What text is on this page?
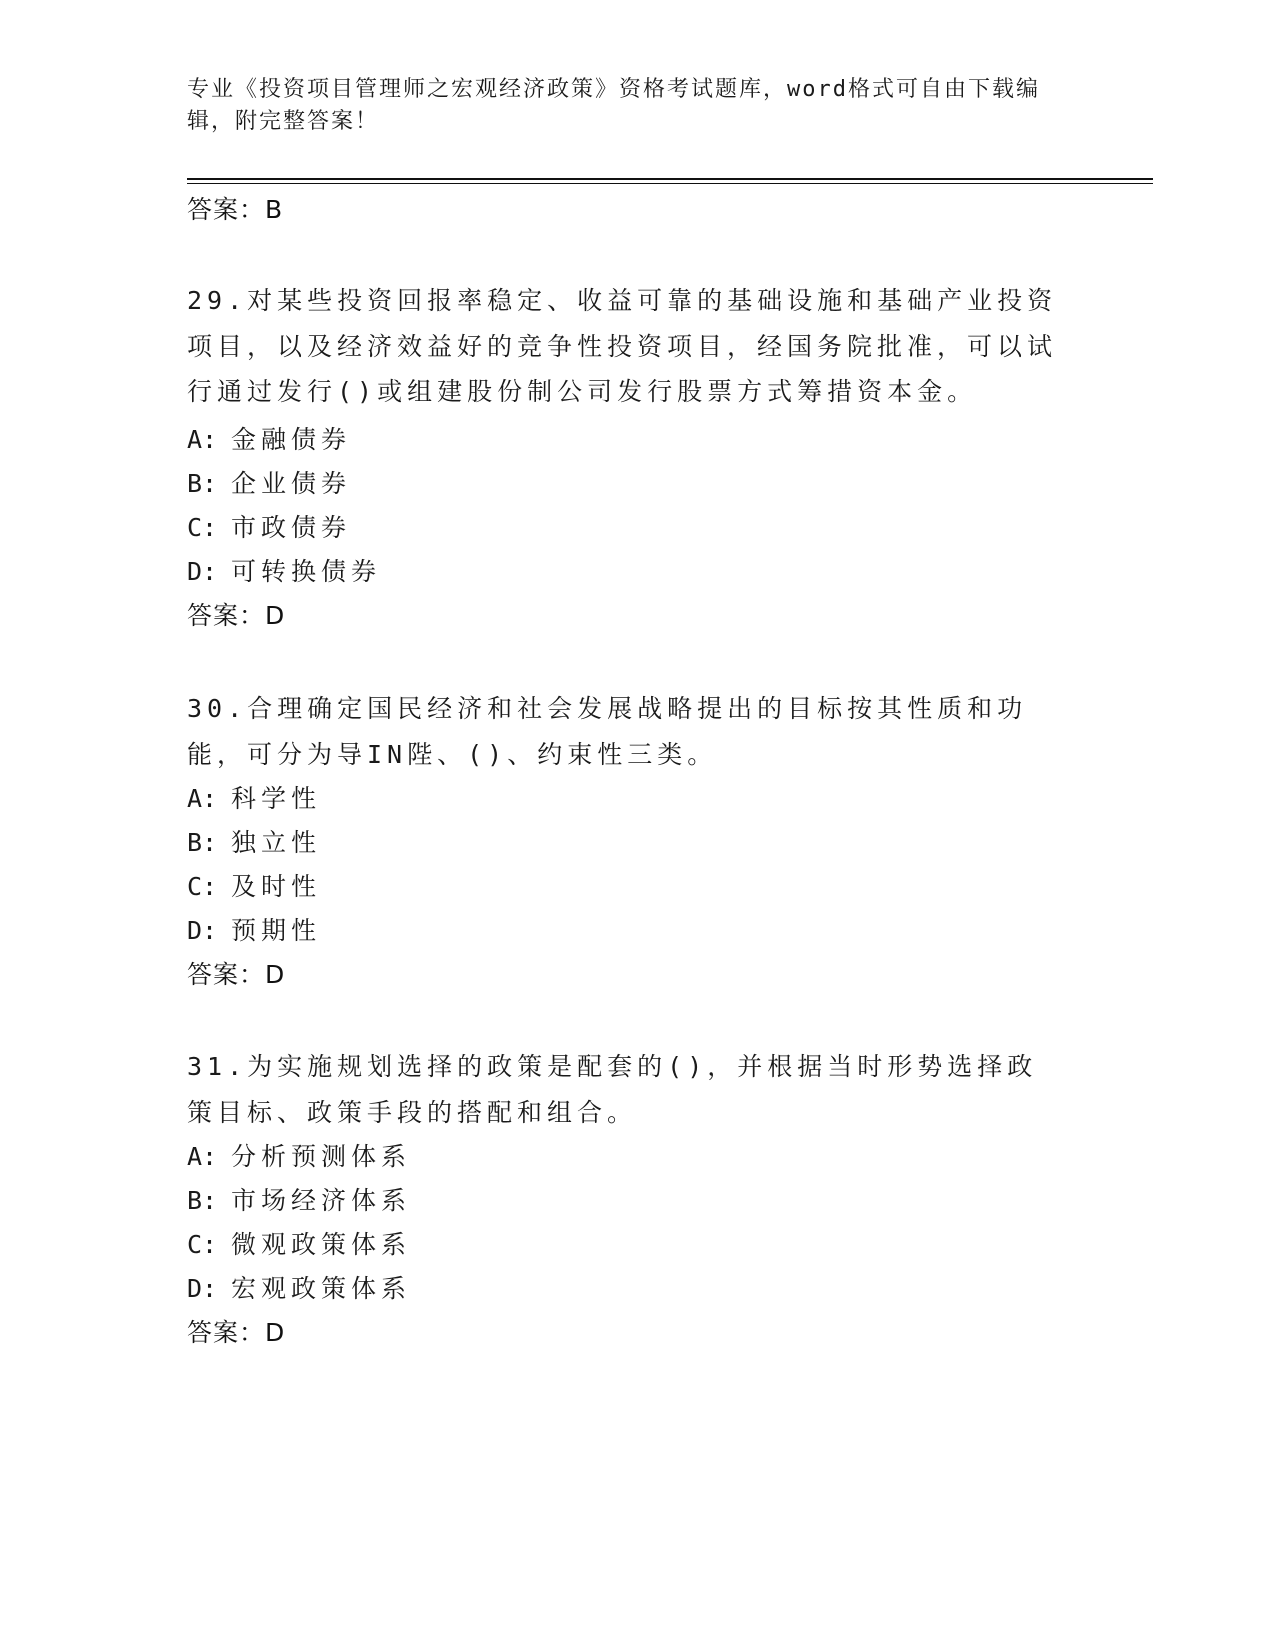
专业《投资项目管理师之宏观经济政策》资格考试题库，word格式可自由下载编辑，附完整答案！
答案：B
29.对某些投资回报率稳定、收益可靠的基础设施和基础产业投资项目，以及经济效益好的竞争性投资项目，经国务院批准，可以试行通过发行()或组建股份制公司发行股票方式筹措资本金。
A: 金融债券
B: 企业债券
C: 市政债券
D: 可转换债券
答案：D
30.合理确定国民经济和社会发展战略提出的目标按其性质和功能，可分为导IN陛、()、约束性三类。
A: 科学性
B: 独立性
C: 及时性
D: 预期性
答案：D
31.为实施规划选择的政策是配套的()，并根据当时形势选择政策目标、政策手段的搭配和组合。
A: 分析预测体系
B: 市场经济体系
C: 微观政策体系
D: 宏观政策体系
答案：D
